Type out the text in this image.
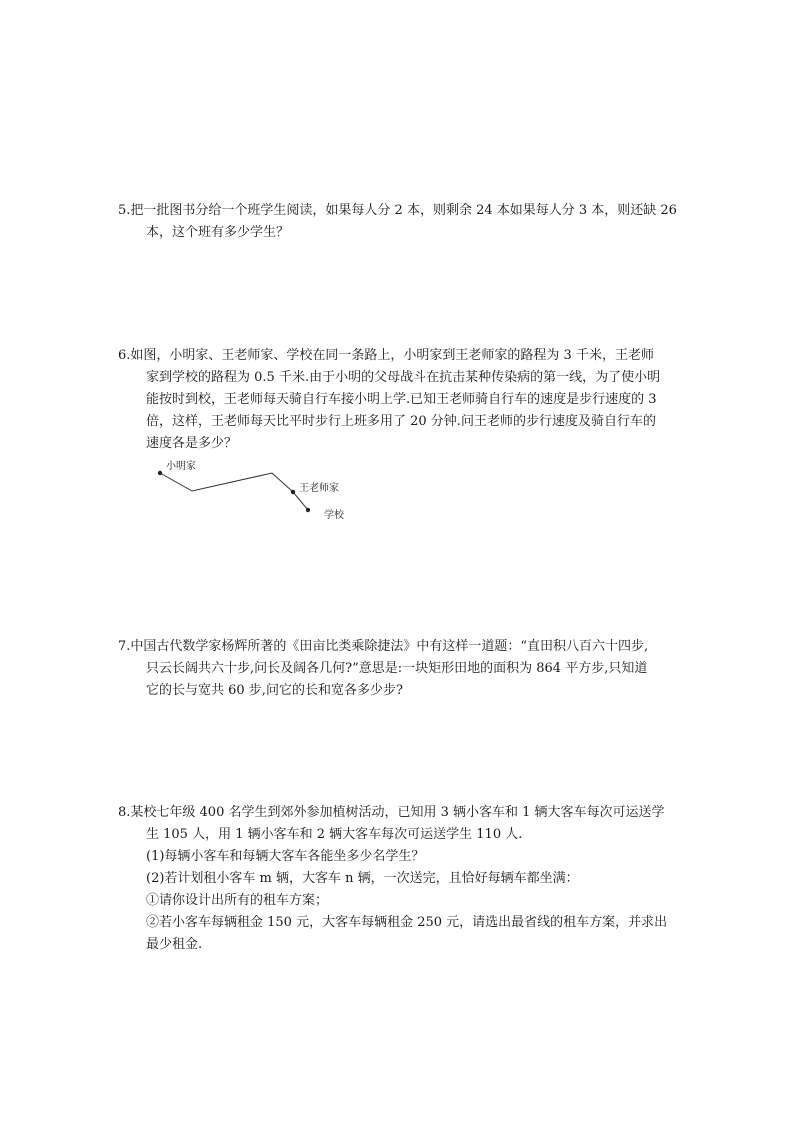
5.把一批图书分给一个班学生阅读，如果每人分 2 本，则剩余 24 本如果每人分 3 本，则还缺 26

本，这个班有多少学生？

6.如图，小明家、王老师家、学校在同一条路上，小明家到王老师家的路程为 3 千米，王老师

家到学校的路程为 0.5 千米.由于小明的父母战斗在抗击某种传染病的第一线，为了使小明

能按时到校，王老师每天骑自行车接小明上学.已知王老师骑自行车的速度是步行速度的 3

倍，这样，王老师每天比平时步行上班多用了 20 分钟.问王老师的步行速度及骑自行车的

速度各是多少？

小明家
王老师家
学校

7.中国古代数学家杨辉所著的《田亩比类乘除捷法》中有这样一道题：“直田积八百六十四步,

只云长阔共六十步,问长及阔各几何?”意思是:一块矩形田地的面积为 864 平方步,只知道

它的长与宽共 60 步,问它的长和宽各多少步?

8.某校七年级 400 名学生到郊外参加植树活动，已知用 3 辆小客车和 1 辆大客车每次可运送学

生 105 人，用 1 辆小客车和 2 辆大客车每次可运送学生 110 人.

(1)每辆小客车和每辆大客车各能坐多少名学生？

(2)若计划租小客车 m 辆，大客车 n 辆，一次送完，且恰好每辆车都坐满：

①请你设计出所有的租车方案；

②若小客车每辆租金 150 元，大客车每辆租金 250 元，请选出最省线的租车方案，并求出

最少租金.
